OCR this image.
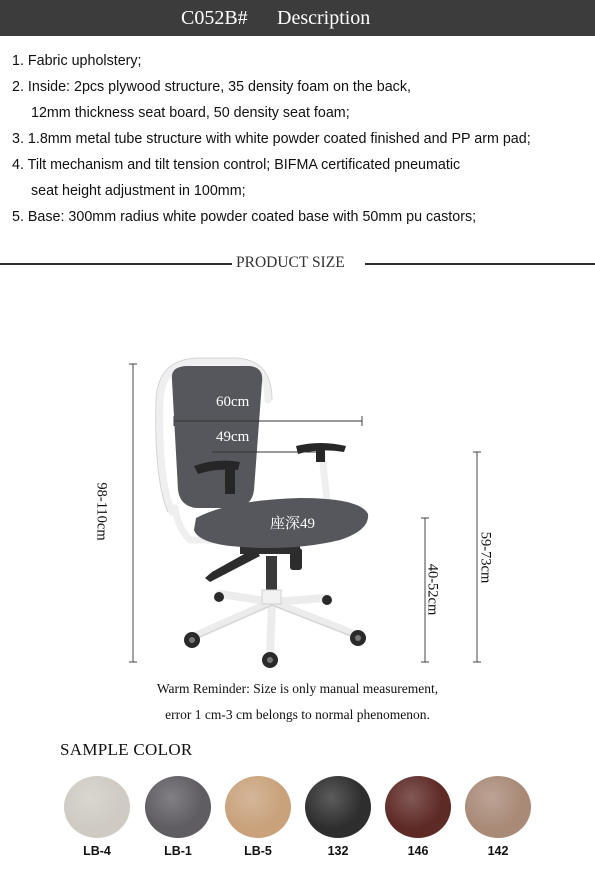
C052B# Description
1. Fabric upholstery;
2. Inside: 2pcs plywood structure, 35 density foam on the back,
12mm thickness seat board, 50 density seat foam;
3. 1.8mm metal tube structure with white powder coated finished and PP arm pad;
4. Tilt mechanism and tilt tension control; BIFMA certificated pneumatic
seat height adjustment in 100mm;
5. Base: 300mm radius white powder coated base with 50mm pu castors;
PRODUCT SIZE
98-110cm
60cm
49cm
座深49
40-52cm
59-73cm
Warm Reminder: Size is only manual measurement,
error 1 cm-3 cm belongs to normal phenomenon.
SAMPLE COLOR
LB-4	LB-1	LB-5	132	146	142
